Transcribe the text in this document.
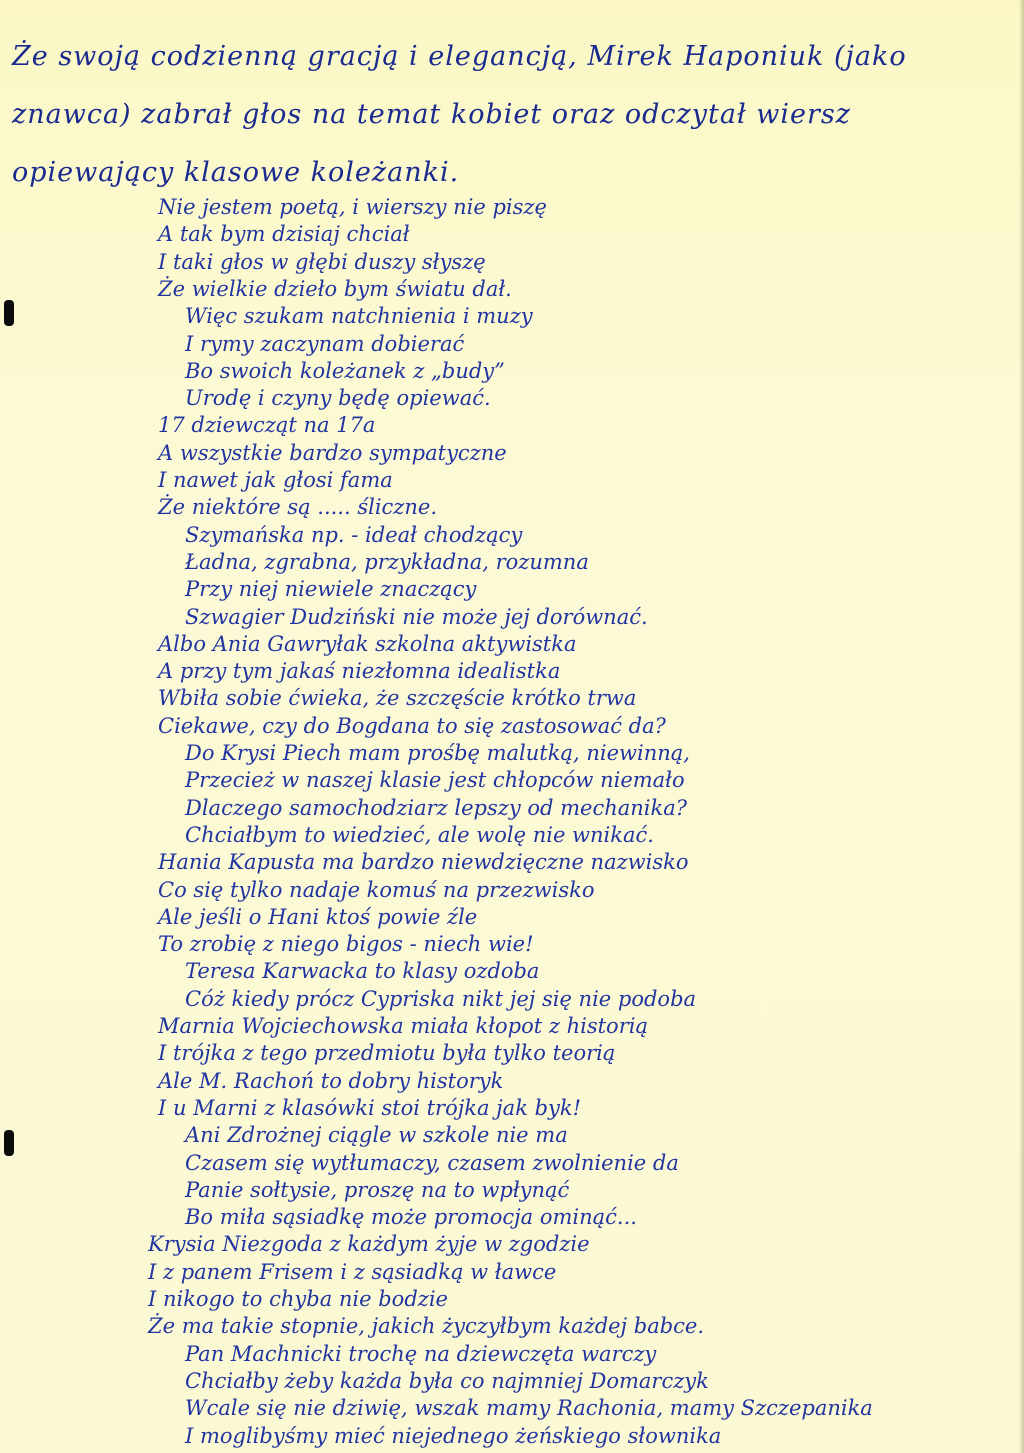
Że swoją codzienną gracją i elegancją, Mirek Haponiuk (jako znawca) zabrał głos na temat kobiet oraz odczytał wiersz opiewający klasowe koleżanki.

Nie jestem poetą, i wierszy nie piszę
A tak bym dzisiaj chciał
I taki głos w głębi duszy słyszę
Że wielkie dzieło bym światu dał.
Więc szukam natchnienia i muzy
I rymy zaczynam dobierać
Bo swoich koleżanek z „budy”
Urodę i czyny będę opiewać.
17 dziewcząt na 17a
A wszystkie bardzo sympatyczne
I nawet jak głosi fama
Że niektóre są ..... śliczne.
Szymańska np. - ideał chodzący
Ładna, zgrabna, przykładna, rozumna
Przy niej niewiele znaczący
Szwagier Dudziński nie może jej dorównać.
Albo Ania Gawryłak szkolna aktywistka
A przy tym jakaś niezłomna idealistka
Wbiła sobie ćwieka, że szczęście krótko trwa
Ciekawe, czy do Bogdana to się zastosować da?
Do Krysi Piech mam prośbę malutką, niewinną,
Przecież w naszej klasie jest chłopców niemało
Dlaczego samochodziarz lepszy od mechanika?
Chciałbym to wiedzieć, ale wolę nie wnikać.
Hania Kapusta ma bardzo niewdzięczne nazwisko
Co się tylko nadaje komuś na przezwisko
Ale jeśli o Hani ktoś powie źle
To zrobię z niego bigos - niech wie!
Teresa Karwacka to klasy ozdoba
Cóż kiedy prócz Cypriska nikt jej się nie podoba
Marnia Wojciechowska miała kłopot z historią
I trójka z tego przedmiotu była tylko teorią
Ale M. Rachoń to dobry historyk
I u Marni z klasówki stoi trójka jak byk!
Ani Zdrożnej ciągle w szkole nie ma
Czasem się wytłumaczy, czasem zwolnienie da
Panie sołtysie, proszę na to wpłynąć
Bo miła sąsiadkę może promocja ominąć...
Krysia Niezgoda z każdym żyje w zgodzie
I z panem Frisem i z sąsiadką w ławce
I nikogo to chyba nie bodzie
Że ma takie stopnie, jakich życzyłbym każdej babce.
Pan Machnicki trochę na dziewczęta warczy
Chciałby żeby każda była co najmniej Domarczyk
Wcale się nie dziwię, wszak mamy Rachonia, mamy Szczepanika
I moglibyśmy mieć niejednego żeńskiego słownika
